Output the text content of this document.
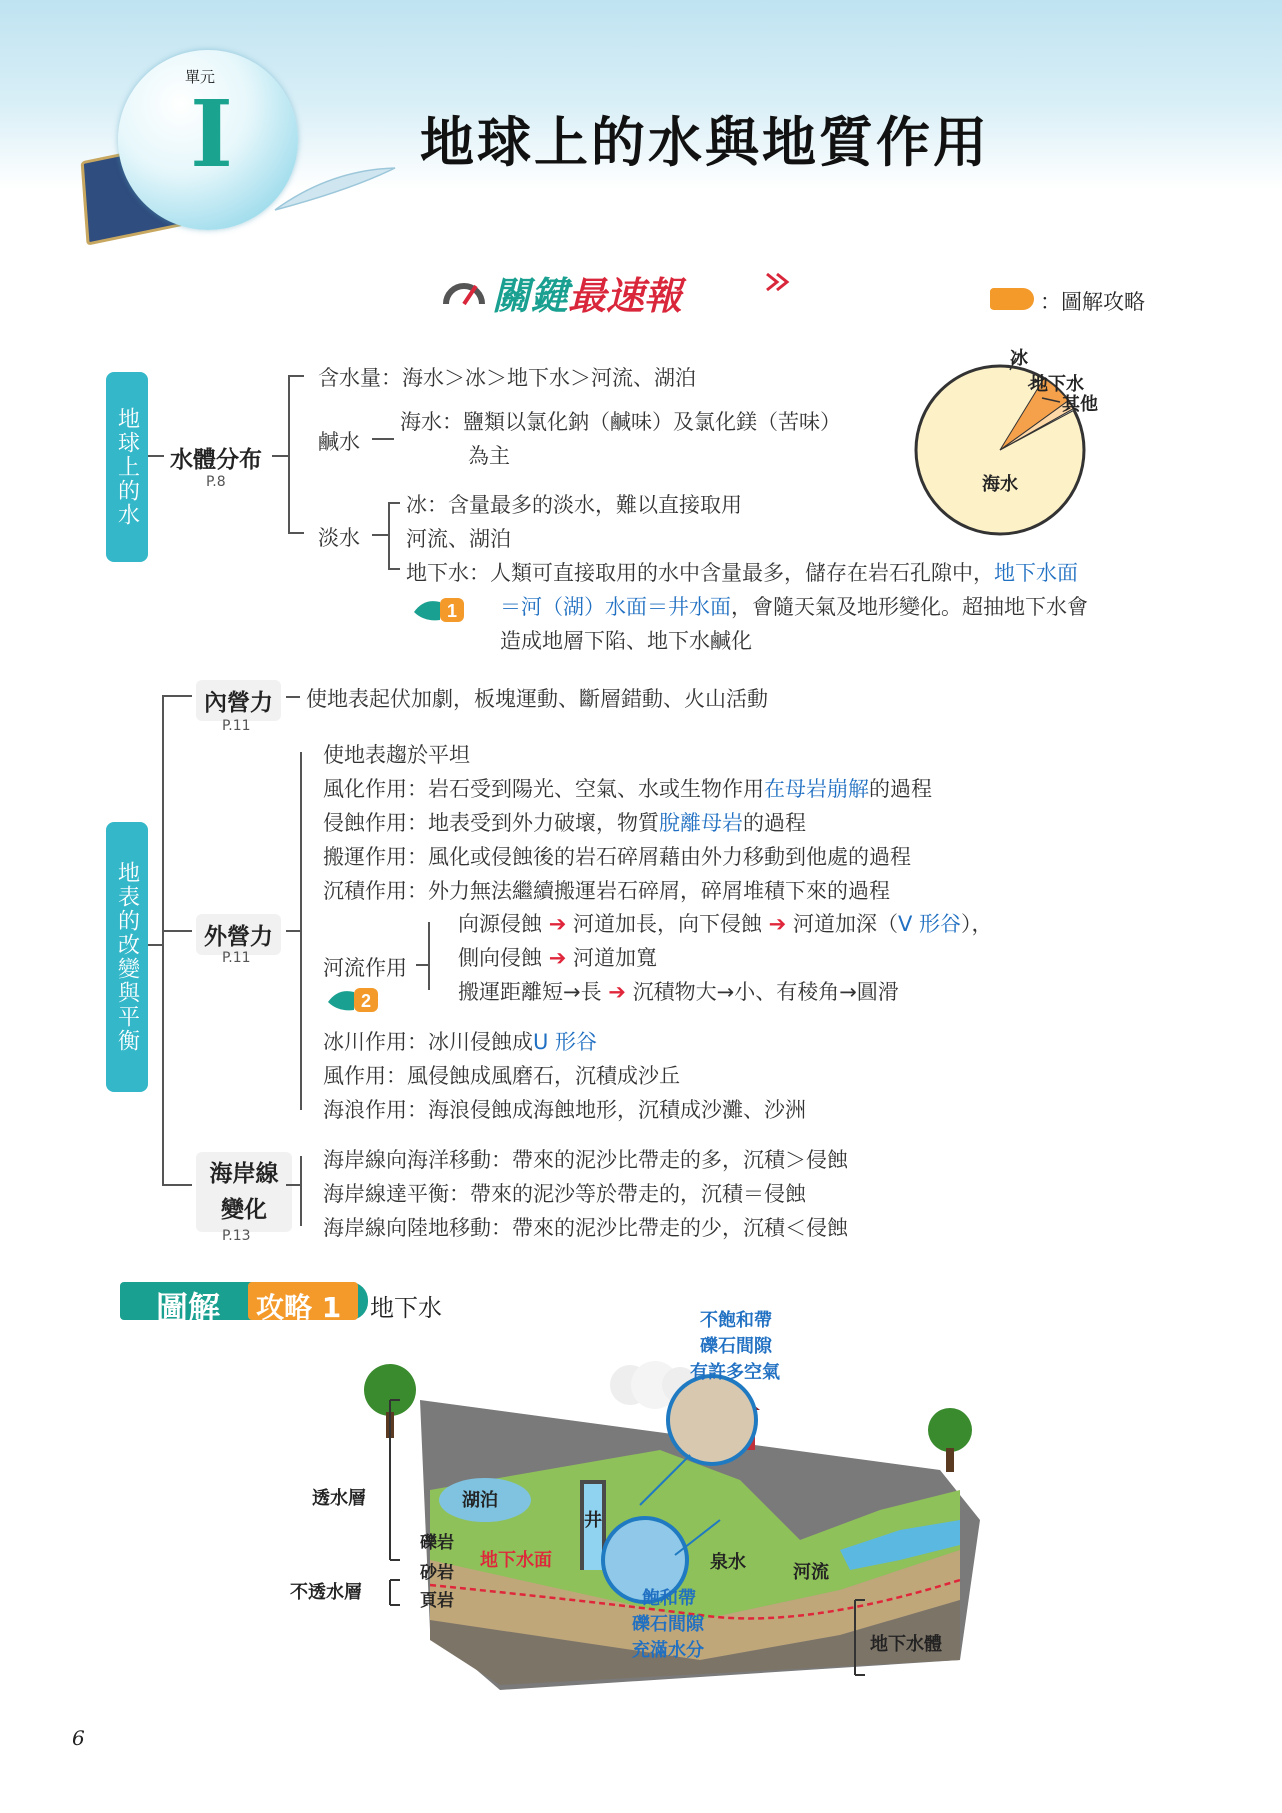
單元
I	地球上的水與地質作用
關鍵最速報	：圖解攻略
地球上的水	水體分布
P.8
含水量：海水＞冰＞地下水＞河流、湖泊
鹹水
海水：鹽類以氯化鈉（鹹味）及氯化鎂（苦味）
為主
淡水
冰：含量最多的淡水，難以直接取用
河流、湖泊
地下水：人類可直接取用的水中含量最多，儲存在岩石孔隙中，地下水面
1 ＝河（湖）水面＝井水面，會隨天氣及地形變化。超抽地下水會
造成地層下陷、地下水鹹化
冰
地下水
其他
海水
地表的改變與平衡
內營力
P.11
使地表起伏加劇，板塊運動、斷層錯動、火山活動
外營力
P.11
使地表趨於平坦
風化作用：岩石受到陽光、空氣、水或生物作用在母岩崩解的過程
侵蝕作用：地表受到外力破壞，物質脫離母岩的過程
搬運作用：風化或侵蝕後的岩石碎屑藉由外力移動到他處的過程
沉積作用：外力無法繼續搬運岩石碎屑，碎屑堆積下來的過程
河流作用
2
向源侵蝕 ➔ 河道加長，向下侵蝕 ➔ 河道加深（V 形谷），
側向侵蝕 ➔ 河道加寬
搬運距離短→長 ➔ 沉積物大→小、有稜角→圓滑
冰川作用：冰川侵蝕成U 形谷
風作用：風侵蝕成風磨石，沉積成沙丘
海浪作用：海浪侵蝕成海蝕地形，沉積成沙灘、沙洲
海岸線
變化
P.13
海岸線向海洋移動：帶來的泥沙比帶走的多，沉積＞侵蝕
海岸線達平衡：帶來的泥沙等於帶走的，沉積＝侵蝕
海岸線向陸地移動：帶來的泥沙比帶走的少，沉積＜侵蝕
圖解 攻略 1 地下水	不飽和帶
礫石間隙
有許多空氣
湖泊
井
透水層
不透水層
礫岩
砂岩
頁岩
地下水面	泉水	河流
飽和帶
礫石間隙
充滿水分	地下水體
6
